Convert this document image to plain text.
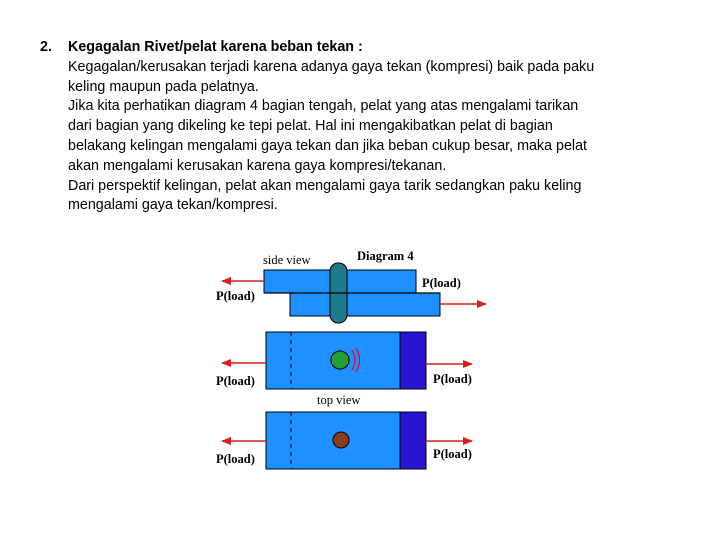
2. Kegagalan Rivet/pelat karena beban tekan :
Kegagalan/kerusakan terjadi karena adanya gaya tekan (kompresi) baik pada paku
keling maupun pada pelatnya.
Jika kita perhatikan diagram 4 bagian tengah, pelat yang atas mengalami tarikan
dari bagian yang dikeling ke tepi pelat. Hal ini mengakibatkan pelat di bagian
belakang kelingan mengalami gaya tekan dan jika beban cukup besar, maka pelat
akan mengalami kerusakan karena gaya kompresi/tekanan.
Dari perspektif kelingan, pelat akan mengalami gaya tarik sedangkan paku keling
mengalami gaya tekan/kompresi.
side view	Diagram 4
P(load)
P(load)
P(load)	P(load)
top view
P(load)	P(load)
